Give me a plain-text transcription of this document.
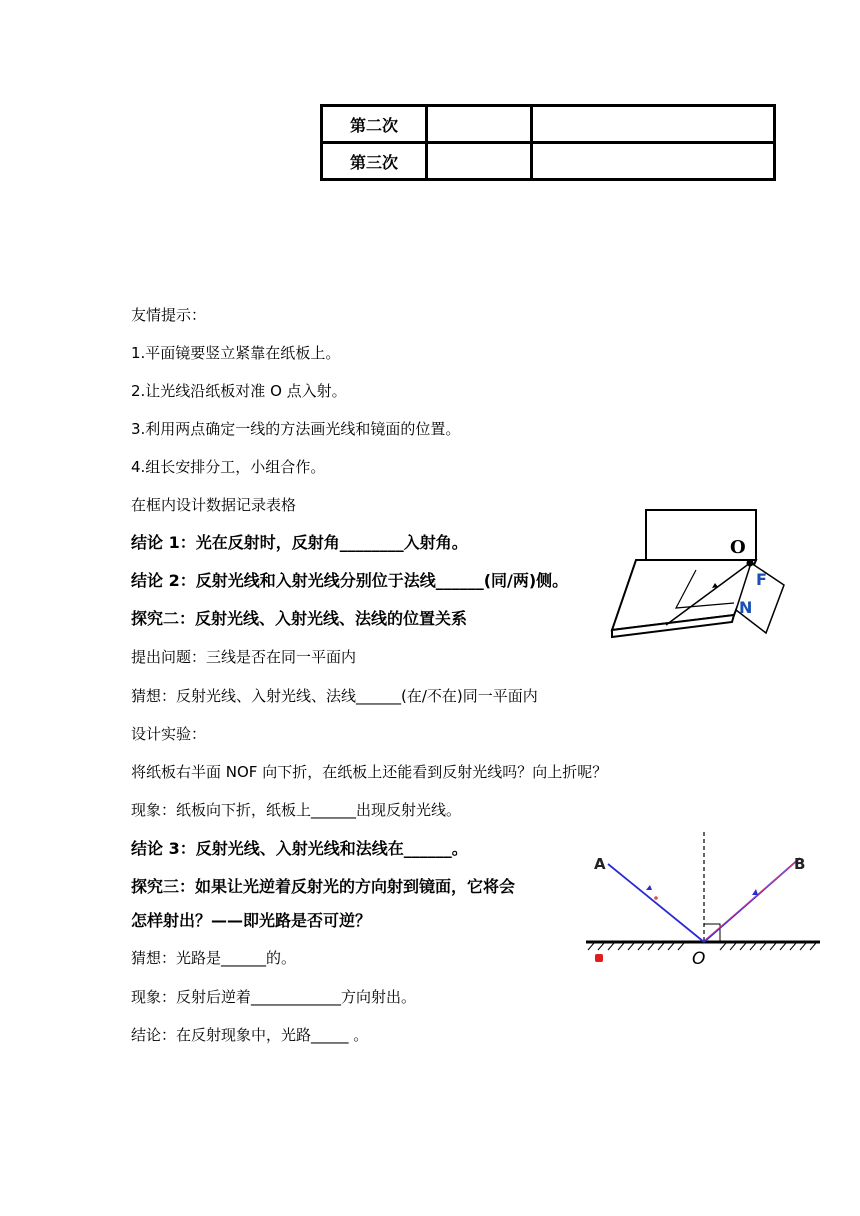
第二次		
第三次		
友情提示：
1.平面镜要竖立紧靠在纸板上。
2.让光线沿纸板对准 O 点入射。
3.利用两点确定一线的方法画光线和镜面的位置。
4.组长安排分工，小组合作。
在框内设计数据记录表格
结论 1：光在反射时，反射角________入射角。
结论 2：反射光线和入射光线分别位于法线______(同/两)侧。
探究二：反射光线、入射光线、法线的位置关系
提出问题：三线是否在同一平面内
猜想：反射光线、入射光线、法线______(在/不在)同一平面内
设计实验：
将纸板右半面 NOF 向下折，在纸板上还能看到反射光线吗？向上折呢？
现象：纸板向下折，纸板上______出现反射光线。
结论 3：反射光线、入射光线和法线在______。
探究三：如果让光逆着反射光的方向射到镜面，它将会
怎样射出？——即光路是否可逆？
猜想：光路是______的。
现象：反射后逆着____________方向射出。
结论：在反射现象中，光路_____ 。
O
F
N
A	B
O
